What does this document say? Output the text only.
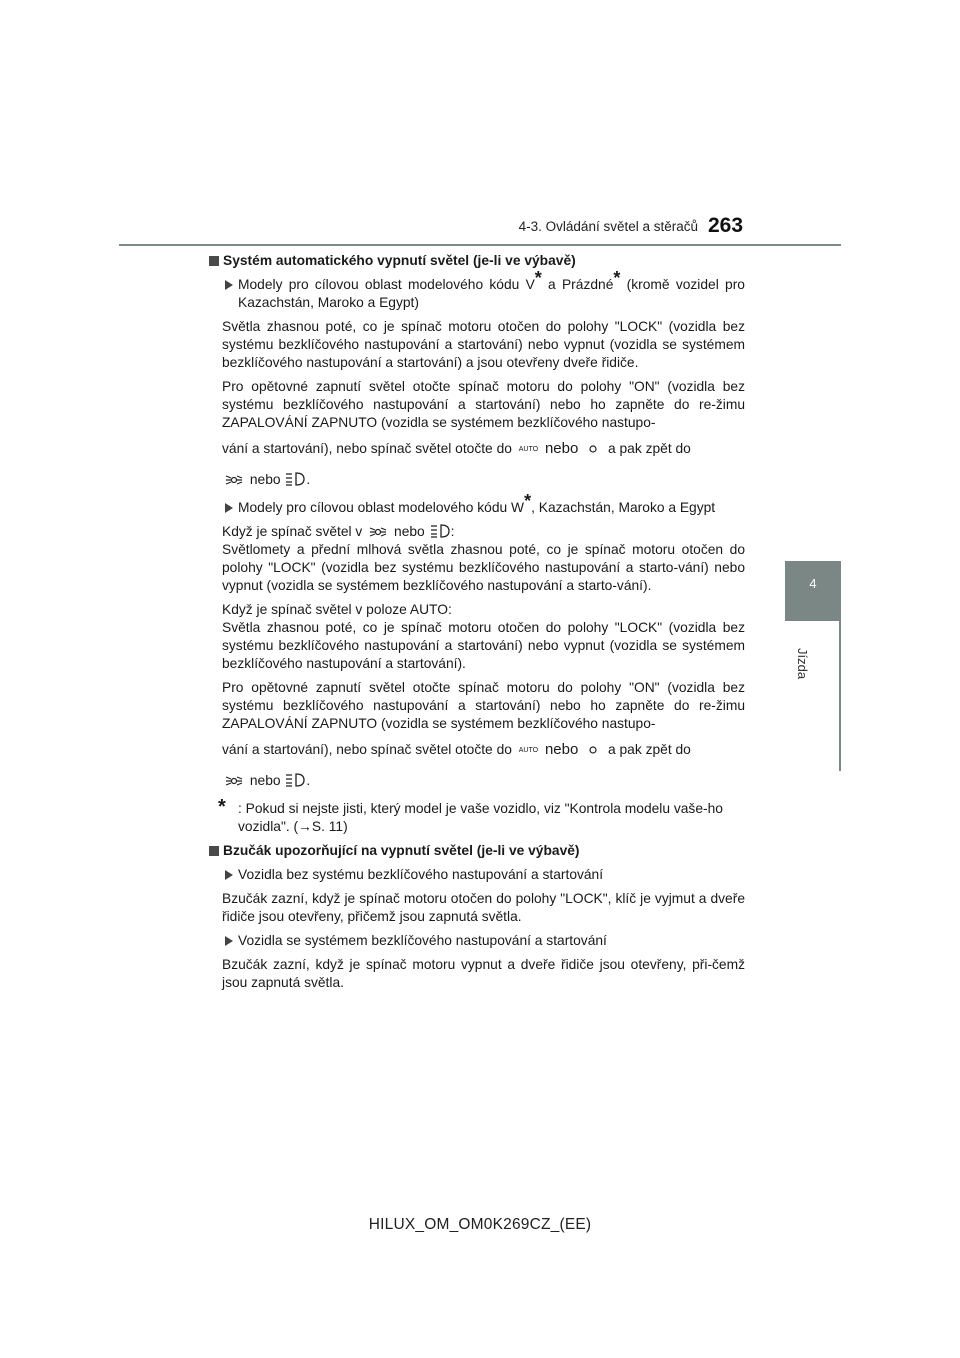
4-3. Ovládání světel a stěračů 263
4
Jízda
Systém automatického vypnutí světel (je-li ve výbavě)
Modely pro cílovou oblast modelového kódu V* a Prázdné* (kromě vozidel pro Kazachstán, Maroko a Egypt)

Světla zhasnou poté, co je spínač motoru otočen do polohy "LOCK" (vozidla bez systému bezklíčového nastupování a startování) nebo vypnut (vozidla se systémem bezklíčového nastupování a startování) a jsou otevřeny dveře řidiče.

Pro opětovné zapnutí světel otočte spínač motoru do polohy "ON" (vozidla bez systému bezklíčového nastupování a startování) nebo ho zapněte do re-žimu ZAPALOVÁNÍ ZAPNUTO (vozidla se systémem bezklíčového nastupo-

vání a startování), nebo spínač světel otočte do AUTO nebo a pak zpět do

nebo .

Modely pro cílovou oblast modelového kódu W*, Kazachstán, Maroko a Egypt

Když je spínač světel v nebo :

Světlomety a přední mlhová světla zhasnou poté, co je spínač motoru otočen do polohy "LOCK" (vozidla bez systému bezklíčového nastupování a starto-vání) nebo vypnut (vozidla se systémem bezklíčového nastupování a starto-vání).

Když je spínač světel v poloze AUTO:

Světla zhasnou poté, co je spínač motoru otočen do polohy "LOCK" (vozidla bez systému bezklíčového nastupování a startování) nebo vypnut (vozidla se systémem bezklíčového nastupování a startování).

Pro opětovné zapnutí světel otočte spínač motoru do polohy "ON" (vozidla bez systému bezklíčového nastupování a startování) nebo ho zapněte do re-žimu ZAPALOVÁNÍ ZAPNUTO (vozidla se systémem bezklíčového nastupo-

vání a startování), nebo spínač světel otočte do AUTO nebo a pak zpět do

nebo .

* : Pokud si nejste jisti, který model je vaše vozidlo, viz "Kontrola modelu vaše-ho vozidla". (→S. 11)
Bzučák upozorňující na vypnutí světel (je-li ve výbavě)
Vozidla bez systému bezklíčového nastupování a startování

Bzučák zazní, když je spínač motoru otočen do polohy "LOCK", klíč je vyjmut a dveře řidiče jsou otevřeny, přičemž jsou zapnutá světla.

Vozidla se systémem bezklíčového nastupování a startování

Bzučák zazní, když je spínač motoru vypnut a dveře řidiče jsou otevřeny, při-čemž jsou zapnutá světla.

HILUX_OM_OM0K269CZ_(EE)
